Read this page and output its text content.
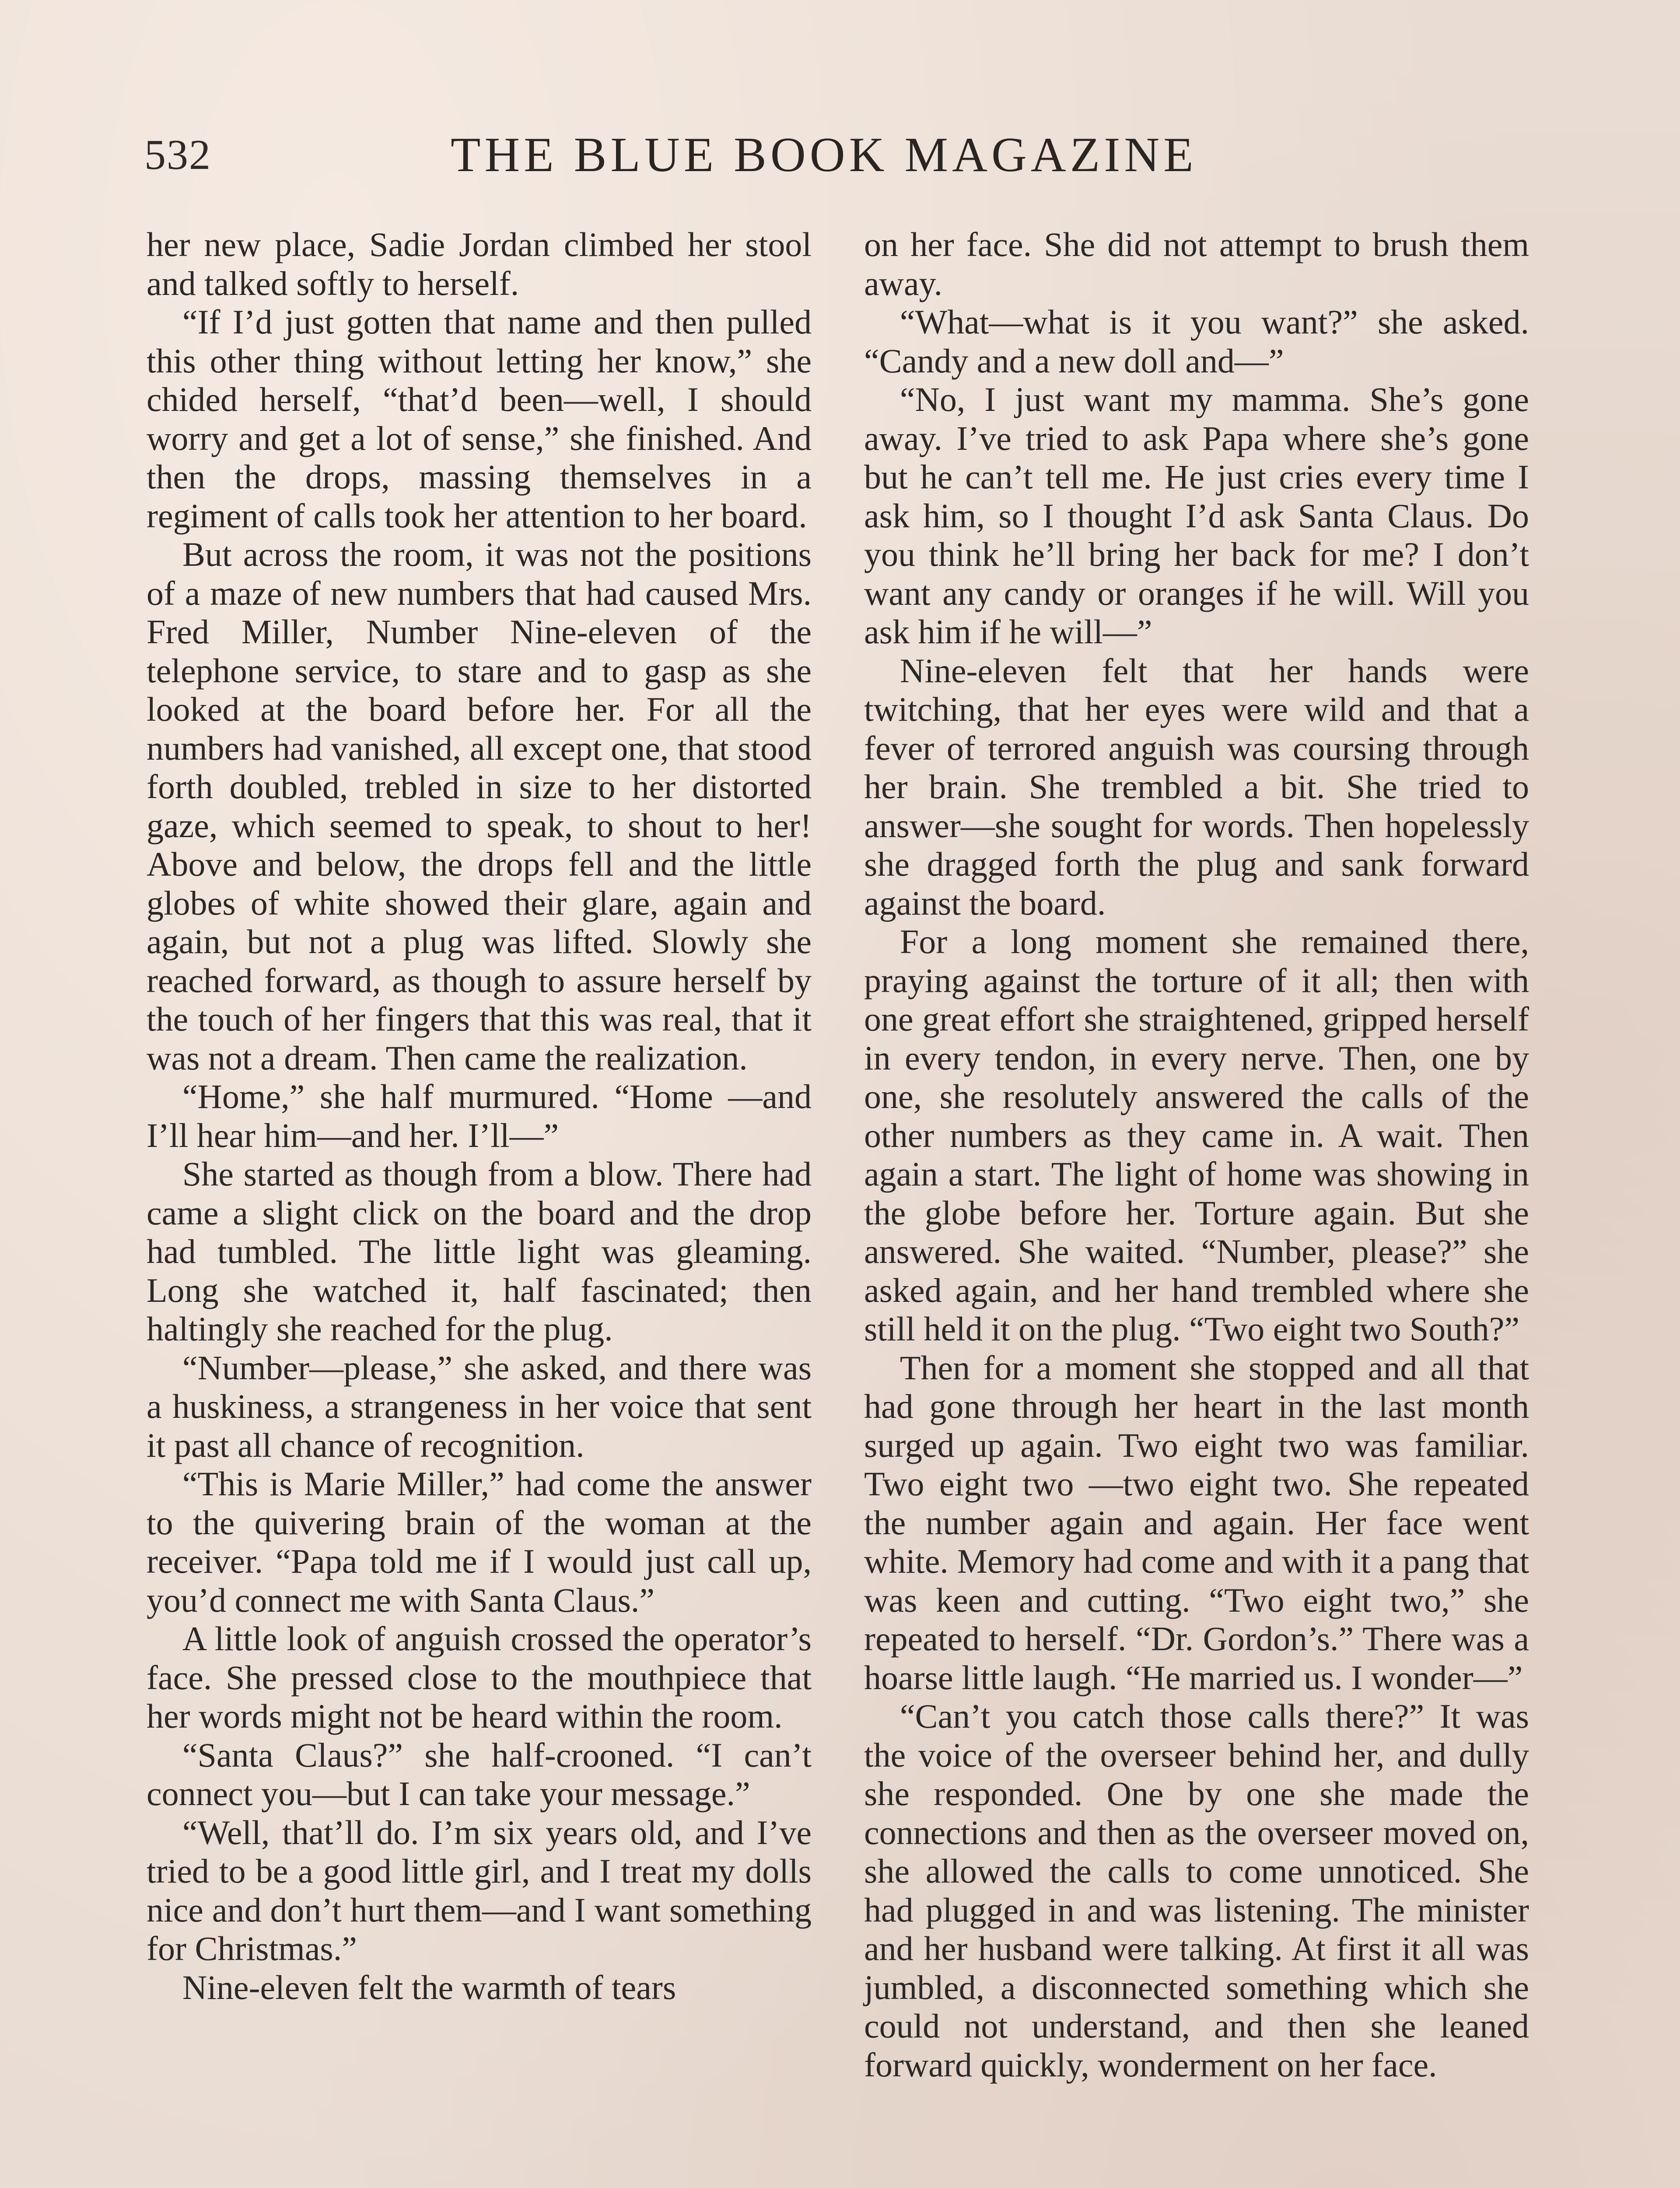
532	THE BLUE BOOK MAGAZINE

her new place, Sadie Jordan climbed her stool and talked softly to herself.

“If I’d just gotten that name and then pulled this other thing without letting her know,” she chided herself, “that’d been—well, I should worry and get a lot of sense,” she finished. And then the drops, massing themselves in a regiment of calls took her attention to her board.

But across the room, it was not the positions of a maze of new numbers that had caused Mrs. Fred Miller, Number Nine-eleven of the telephone service, to stare and to gasp as she looked at the board before her. For all the numbers had vanished, all except one, that stood forth doubled, trebled in size to her distorted gaze, which seemed to speak, to shout to her! Above and below, the drops fell and the little globes of white showed their glare, again and again, but not a plug was lifted. Slowly she reached forward, as though to assure herself by the touch of her fingers that this was real, that it was not a dream. Then came the realization.

“Home,” she half murmured. “Home —and I’ll hear him—and her. I’ll—”

She started as though from a blow. There had came a slight click on the board and the drop had tumbled. The little light was gleaming. Long she watched it, half fascinated; then haltingly she reached for the plug.

“Number—please,” she asked, and there was a huskiness, a strangeness in her voice that sent it past all chance of recognition.

“This is Marie Miller,” had come the answer to the quivering brain of the woman at the receiver. “Papa told me if I would just call up, you’d connect me with Santa Claus.”

A little look of anguish crossed the operator’s face. She pressed close to the mouthpiece that her words might not be heard within the room.

“Santa Claus?” she half-crooned. “I can’t connect you—but I can take your message.”

“Well, that’ll do. I’m six years old, and I’ve tried to be a good little girl, and I treat my dolls nice and don’t hurt them—and I want something for Christmas.”

Nine-eleven felt the warmth of tears

on her face. She did not attempt to brush them away.

“What—what is it you want?” she asked. “Candy and a new doll and—”

“No, I just want my mamma. She’s gone away. I’ve tried to ask Papa where she’s gone but he can’t tell me. He just cries every time I ask him, so I thought I’d ask Santa Claus. Do you think he’ll bring her back for me? I don’t want any candy or oranges if he will. Will you ask him if he will—”

Nine-eleven felt that her hands were twitching, that her eyes were wild and that a fever of terrored anguish was coursing through her brain. She trembled a bit. She tried to answer—she sought for words. Then hopelessly she dragged forth the plug and sank forward against the board.

For a long moment she remained there, praying against the torture of it all; then with one great effort she straightened, gripped herself in every tendon, in every nerve. Then, one by one, she resolutely answered the calls of the other numbers as they came in. A wait. Then again a start. The light of home was showing in the globe before her. Torture again. But she answered. She waited. “Number, please?” she asked again, and her hand trembled where she still held it on the plug. “Two eight two South?”

Then for a moment she stopped and all that had gone through her heart in the last month surged up again. Two eight two was familiar. Two eight two —two eight two. She repeated the number again and again. Her face went white. Memory had come and with it a pang that was keen and cutting. “Two eight two,” she repeated to herself. “Dr. Gordon’s.” There was a hoarse little laugh. “He married us. I wonder—”

“Can’t you catch those calls there?” It was the voice of the overseer behind her, and dully she responded. One by one she made the connections and then as the overseer moved on, she allowed the calls to come unnoticed. She had plugged in and was listening. The minister and her husband were talking. At first it all was jumbled, a disconnected something which she could not understand, and then she leaned forward quickly, wonderment on her face.
